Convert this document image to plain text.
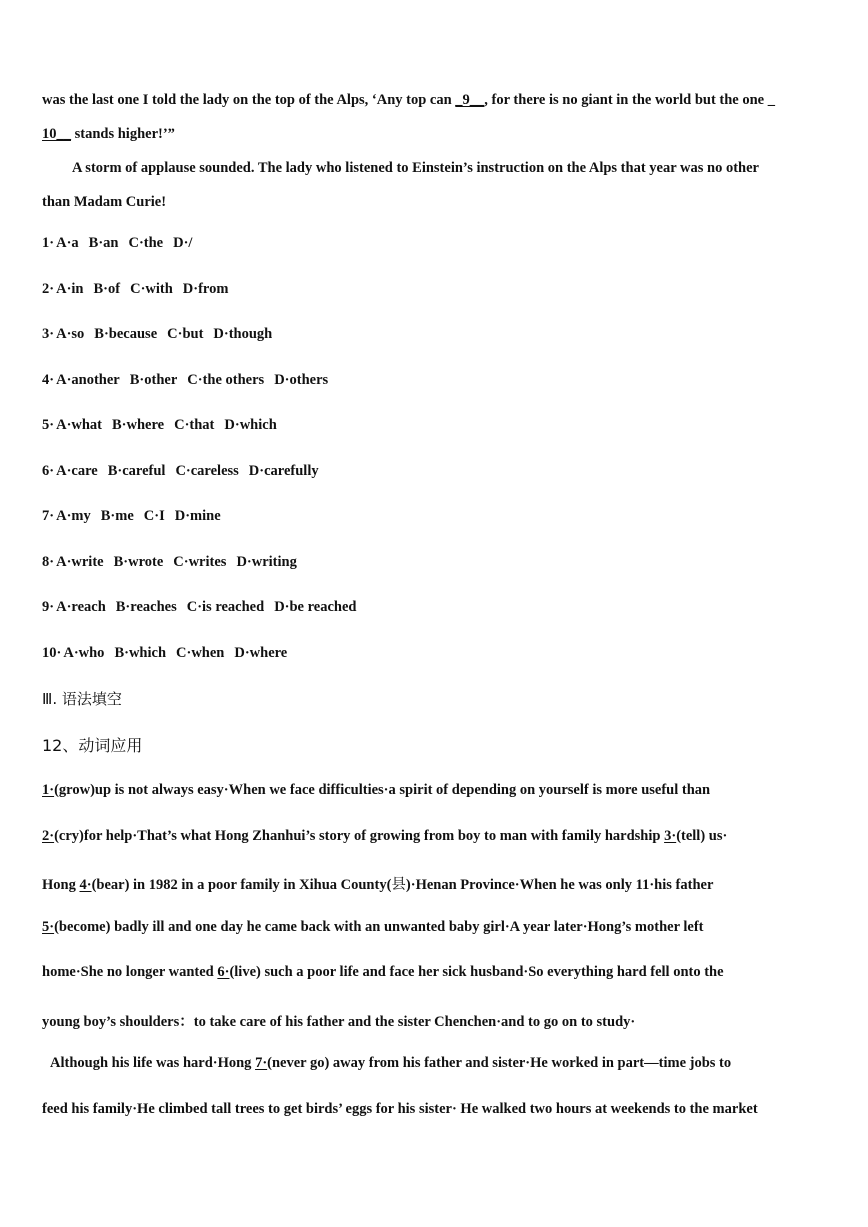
was the last one I told the lady on the top of the Alps, ‘Any top can _9__, for there is no giant in the world but the one _
10__ stands higher!’”
A storm of applause sounded. The lady who listened to Einstein’s instruction on the Alps that year was no other
than Madam Curie!
1· A·a B·an C·the D·/
2· A·in B·of C·with D·from
3· A·so B·because C·but D·though
4· A·another B·other C·the others D·others
5· A·what B·where C·that D·which
6· A·care B·careful C·careless D·carefully
7· A·my B·me C·I D·mine
8· A·write B·wrote C·writes D·writing
9· A·reach B·reaches C·is reached D·be reached
10· A·who B·which C·when D·where
Ⅲ. 语法填空
12、动词应用
1·(grow)up is not always easy·When we face difficulties·a spirit of depending on yourself is more useful than
2·(cry)for help·That’s what Hong Zhanhui’s story of growing from boy to man with family hardship 3·(tell) us·
Hong 4·(bear) in 1982 in a poor family in Xihua County(县)·Henan Province·When he was only 11·his father
5·(become) badly ill and one day he came back with an unwanted baby girl·A year later·Hong’s mother left
home·She no longer wanted 6·(live) such a poor life and face her sick husband·So everything hard fell onto the
young boy’s shoulders：to take care of his father and the sister Chenchen·and to go on to study·
Although his life was hard·Hong 7·(never go) away from his father and sister·He worked in part—time jobs to
feed his family·He climbed tall trees to get birds’ eggs for his sister· He walked two hours at weekends to the market
